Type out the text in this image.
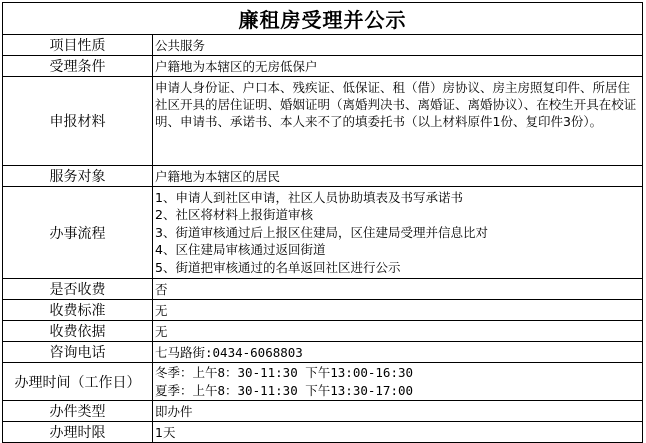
廉租房受理并公示	
项目性质	公共服务
受理条件	户籍地为本辖区的无房低保户
申报材料	申请人身份证、户口本、残疾证、低保证、租（借）房协议、房主房照复印件、所居住社区开具的居住证明、婚姻证明（离婚判决书、离婚证、离婚协议）、在校生开具在校证明、申请书、承诺书、本人来不了的填委托书（以上材料原件1份、复印件3份）。
服务对象	户籍地为本辖区的居民
办事流程	1、申请人到社区申请，社区人员协助填表及书写承诺书
2、社区将材料上报街道审核
3、街道审核通过后上报区住建局，区住建局受理并信息比对
4、区住建局审核通过返回街道
5、街道把审核通过的名单返回社区进行公示

是否收费	否
收费标准	无
收费依据	无
咨询电话	七马路街:0434-6068803
办理时间（工作日）	冬季：上午8：30-11:30 下午13:00-16:30
夏季：上午8：30-11:30 下午13:30-17:00

办件类型	即办件
办理时限	1天
